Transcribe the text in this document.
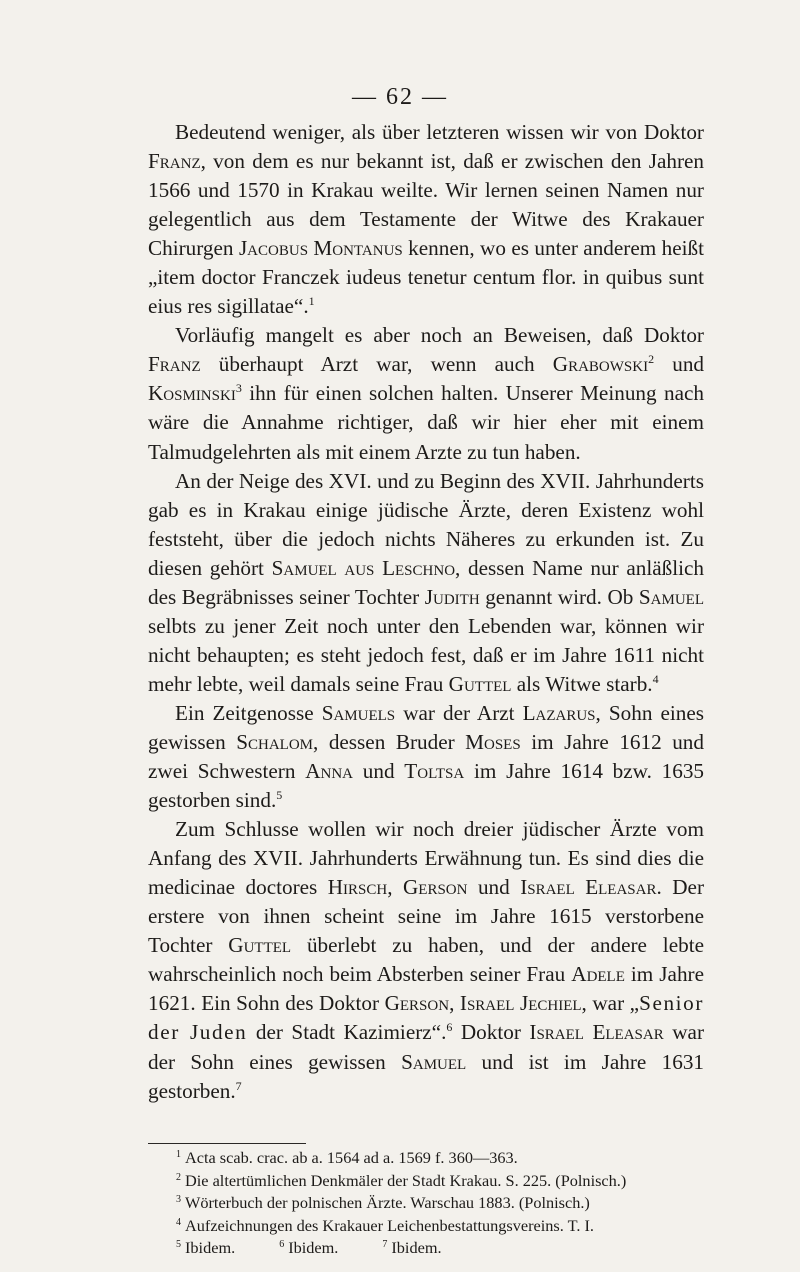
— 62 —

Bedeutend weniger, als über letzteren wissen wir von Doktor Franz, von dem es nur bekannt ist, daß er zwischen den Jahren 1566 und 1570 in Krakau weilte. Wir lernen seinen Namen nur gelegentlich aus dem Testamente der Witwe des Krakauer Chirurgen Jacobus Montanus kennen, wo es unter anderem heißt „item doctor Franczek iudeus tenetur centum flor. in quibus sunt eius res sigillatae“.$^1$

Vorläufig mangelt es aber noch an Beweisen, daß Doktor Franz überhaupt Arzt war, wenn auch Grabowski$^2$ und Kosminski$^3$ ihn für einen solchen halten. Unserer Meinung nach wäre die Annahme richtiger, daß wir hier eher mit einem Talmudgelehrten als mit einem Arzte zu tun haben.

An der Neige des XVI. und zu Beginn des XVII. Jahrhunderts gab es in Krakau einige jüdische Ärzte, deren Existenz wohl feststeht, über die jedoch nichts Näheres zu erkunden ist. Zu diesen gehört Samuel aus Leschno, dessen Name nur anläßlich des Begräbnisses seiner Tochter Judith genannt wird. Ob Samuel selbts zu jener Zeit noch unter den Lebenden war, können wir nicht behaupten; es steht jedoch fest, daß er im Jahre 1611 nicht mehr lebte, weil damals seine Frau Guttel als Witwe starb.$^4$

Ein Zeitgenosse Samuels war der Arzt Lazarus, Sohn eines gewissen Schalom, dessen Bruder Moses im Jahre 1612 und zwei Schwestern Anna und Toltsa im Jahre 1614 bzw. 1635 gestorben sind.$^5$

Zum Schlusse wollen wir noch dreier jüdischer Ärzte vom Anfang des XVII. Jahrhunderts Erwähnung tun. Es sind dies die medicinae doctores Hirsch, Gerson und Israel Eleasar. Der erstere von ihnen scheint seine im Jahre 1615 verstorbene Tochter Guttel überlebt zu haben, und der andere lebte wahrscheinlich noch beim Absterben seiner Frau Adele im Jahre 1621. Ein Sohn des Doktor Gerson, Israel Jechiel, war „Senior der Juden der Stadt Kazimierz“.$^6$ Doktor Israel Eleasar war der Sohn eines gewissen Samuel und ist im Jahre 1631 gestorben.$^7$

$^1$ Acta scab. crac. ab a. 1564 ad a. 1569 f. 360—363.
$^2$ Die altertümlichen Denkmäler der Stadt Krakau. S. 225. (Polnisch.)
$^3$ Wörterbuch der polnischen Ärzte. Warschau 1883. (Polnisch.)
$^4$ Aufzeichnungen des Krakauer Leichenbestattungsvereins. T. I.
$^5$ Ibidem.	$^6$ Ibidem.	$^7$ Ibidem.
